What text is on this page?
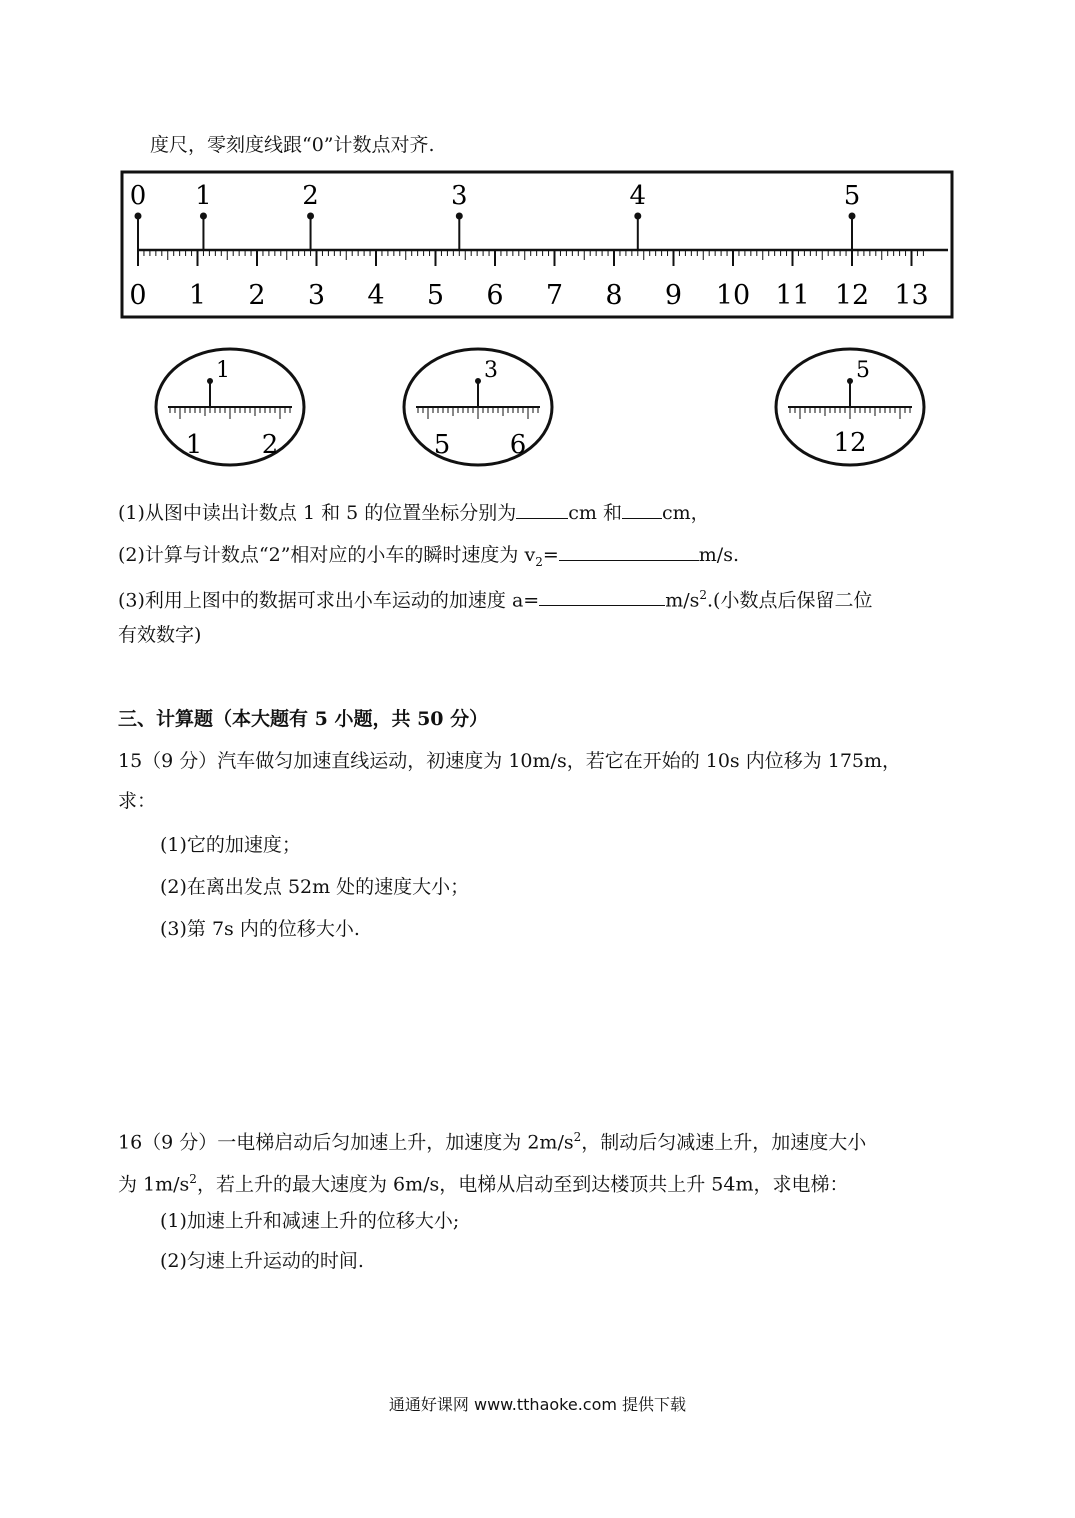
度尺，零刻度线跟“0”计数点对齐.
0 1 2 3 4 5 6 7 8 9 10 11 12 13
0 1	2	3	4	5
1
1 2
3
5 6
5
12
(1)从图中读出计数点 1 和 5 的位置坐标分别为	cm 和 cm，
(2)计算与计数点“2”相对应的小车的瞬时速度为 $v_2=$	m/s.
(3)利用上图中的数据可求出小车运动的加速度 a=	$m/s^2$.(小数点后保留二位
有效数字)
三、计算题（本大题有 5 小题，共 50 分）
15（9 分）汽车做匀加速直线运动，初速度为 10m/s，若它在开始的 10s 内位移为 175m，
求：
(1)它的加速度；
(2)在离出发点 52m 处的速度大小；
(3)第 7s 内的位移大小.
16（9 分）一电梯启动后匀加速上升，加速度为 $2m/s^2$，制动后匀减速上升，加速度大小
为 $1m/s^2$，若上升的最大速度为 6m/s，电梯从启动至到达楼顶共上升 54m，求电梯：
(1)加速上升和减速上升的位移大小;
(2)匀速上升运动的时间.
通通好课网 www.tthaoke.com 提供下载
